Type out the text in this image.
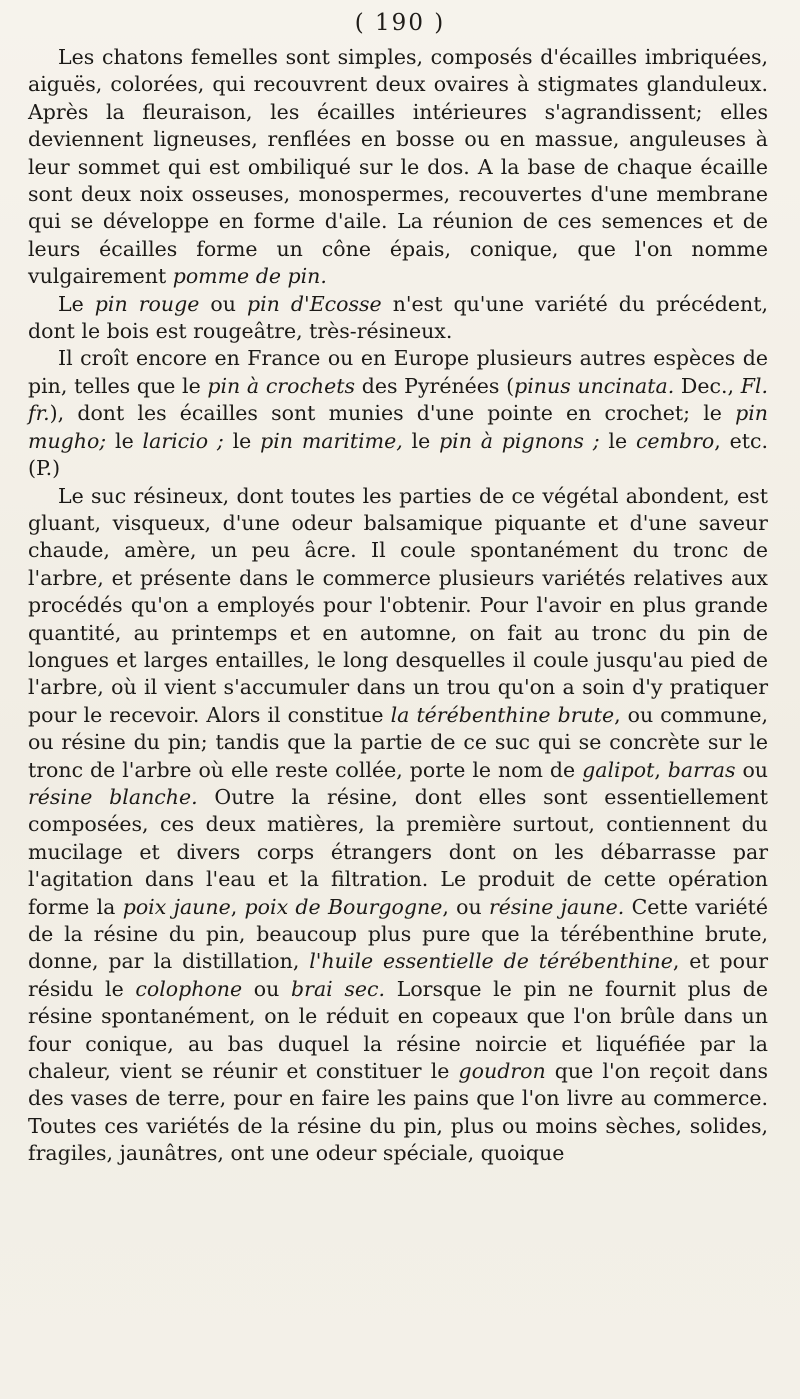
( 190 )

Les chatons femelles sont simples, composés d'écailles imbriquées, aiguës, colorées, qui recouvrent deux ovaires à stigmates glanduleux. Après la fleuraison, les écailles intérieures s'agrandissent; elles deviennent ligneuses, renflées en bosse ou en massue, anguleuses à leur sommet qui est ombiliqué sur le dos. A la base de chaque écaille sont deux noix osseuses, monospermes, recouvertes d'une membrane qui se développe en forme d'aile. La réunion de ces semences et de leurs écailles forme un cône épais, conique, que l'on nomme vulgairement pomme de pin.

Le pin rouge ou pin d'Ecosse n'est qu'une variété du précédent, dont le bois est rougeâtre, très-résineux.

Il croît encore en France ou en Europe plusieurs autres espèces de pin, telles que le pin à crochets des Pyrénées (pinus uncinata. Dec., Fl. fr.), dont les écailles sont munies d'une pointe en crochet; le pin mugho; le laricio ; le pin maritime, le pin à pignons ; le cembro, etc. (P.)

Le suc résineux, dont toutes les parties de ce végétal abondent, est gluant, visqueux, d'une odeur balsamique piquante et d'une saveur chaude, amère, un peu âcre. Il coule spontanément du tronc de l'arbre, et présente dans le commerce plusieurs variétés relatives aux procédés qu'on a employés pour l'obtenir. Pour l'avoir en plus grande quantité, au printemps et en automne, on fait au tronc du pin de longues et larges entailles, le long desquelles il coule jusqu'au pied de l'arbre, où il vient s'accumuler dans un trou qu'on a soin d'y pratiquer pour le recevoir. Alors il constitue la térébenthine brute, ou commune, ou résine du pin; tandis que la partie de ce suc qui se concrète sur le tronc de l'arbre où elle reste collée, porte le nom de galipot, barras ou résine blanche. Outre la résine, dont elles sont essentiellement composées, ces deux matières, la première surtout, contiennent du mucilage et divers corps étrangers dont on les débarrasse par l'agitation dans l'eau et la filtration. Le produit de cette opération forme la poix jaune, poix de Bourgogne, ou résine jaune. Cette variété de la résine du pin, beaucoup plus pure que la térébenthine brute, donne, par la distillation, l'huile essentielle de térébenthine, et pour résidu le colophone ou brai sec. Lorsque le pin ne fournit plus de résine spontanément, on le réduit en copeaux que l'on brûle dans un four conique, au bas duquel la résine noircie et liquéfiée par la chaleur, vient se réunir et constituer le goudron que l'on reçoit dans des vases de terre, pour en faire les pains que l'on livre au commerce. Toutes ces variétés de la résine du pin, plus ou moins sèches, solides, fragiles, jaunâtres, ont une odeur spéciale, quoique
